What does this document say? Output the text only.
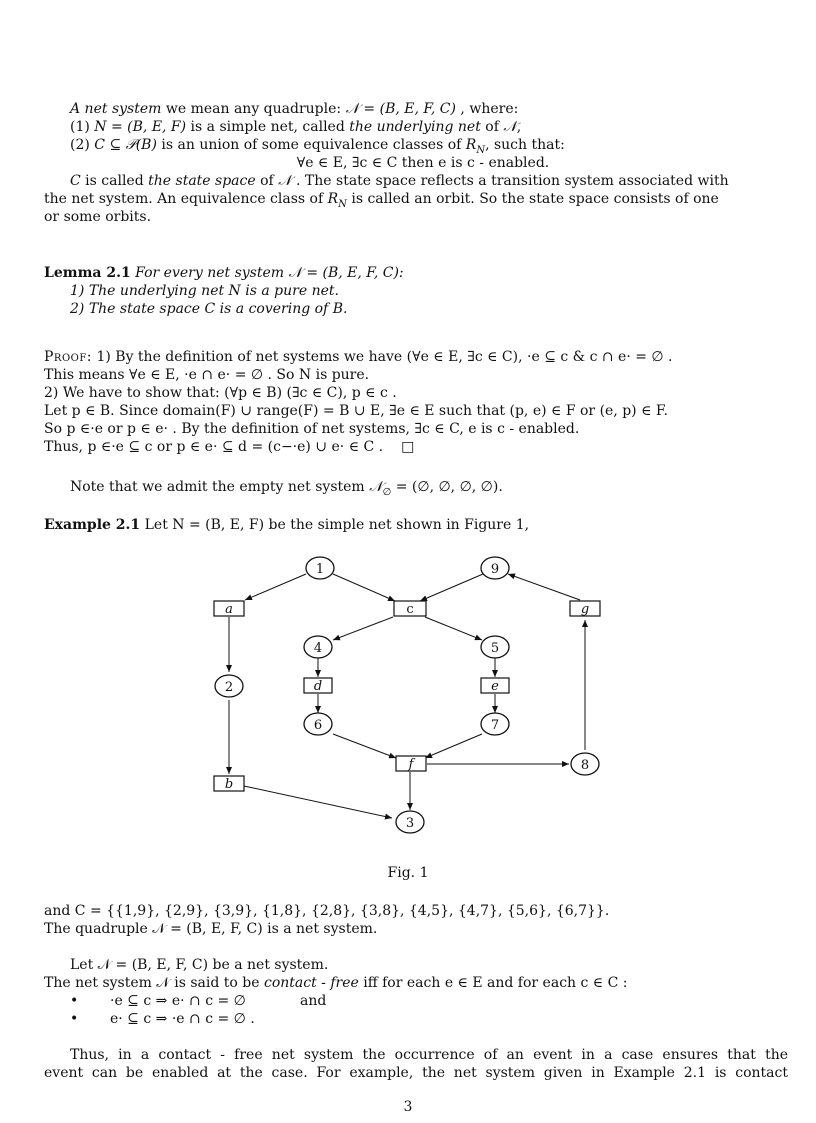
A net system we mean any quadruple: 𝒩 = (B, E, F, C) , where:
(1) N = (B, E, F) is a simple net, called the underlying net of 𝒩,
(2) C ⊆ 𝒫(B) is an union of some equivalence classes of $R_N$, such that:
∀e ∈ E, ∃c ∈ C then e is c - enabled.
C is called the state space of 𝒩 . The state space reflects a transition system associated with
the net system. An equivalence class of $R_N$ is called an orbit. So the state space consists of one
or some orbits.
Lemma 2.1 For every net system 𝒩 = (B, E, F, C):
1) The underlying net N is a pure net.
2) The state space C is a covering of B.
Proof: 1) By the definition of net systems we have (∀e ∈ E, ∃c ∈ C), ·e ⊆ c & c ∩ e· = ∅ .
This means ∀e ∈ E, ·e ∩ e· = ∅ . So N is pure.
2) We have to show that: (∀p ∈ B) (∃c ∈ C), p ∈ c .
Let p ∈ B. Since domain(F) ∪ range(F) = B ∪ E, ∃e ∈ E such that (p, e) ∈ F or (e, p) ∈ F.
So p ∈·e or p ∈ e· . By the definition of net systems, ∃c ∈ C, e is c - enabled.
Thus, p ∈·e ⊆ c or p ∈ e· ⊆ d = (c−·e) ∪ e· ∈ C . □
Note that we admit the empty net system 𝒩$_\emptyset$ = (∅, ∅, ∅, ∅).
Example 2.1 Let N = (B, E, F) be the simple net shown in Figure 1,
1
2
3
4	5
6	7
8
9
a
b
c
d	e
f
g
Fig. 1
and C = {{1,9}, {2,9}, {3,9}, {1,8}, {2,8}, {3,8}, {4,5}, {4,7}, {5,6}, {6,7}}.
The quadruple 𝒩 = (B, E, F, C) is a net system.
Let 𝒩 = (B, E, F, C) be a net system.
The net system 𝒩 is said to be contact - free iff for each e ∈ E and for each c ∈ C :
• ·e ⊆ c ⇒ e· ∩ c = ∅	and
• e· ⊆ c ⇒ ·e ∩ c = ∅ .
Thus, in a contact - free net system the occurrence of an event in a case ensures that the
event can be enabled at the case. For example, the net system given in Example 2.1 is contact
3
